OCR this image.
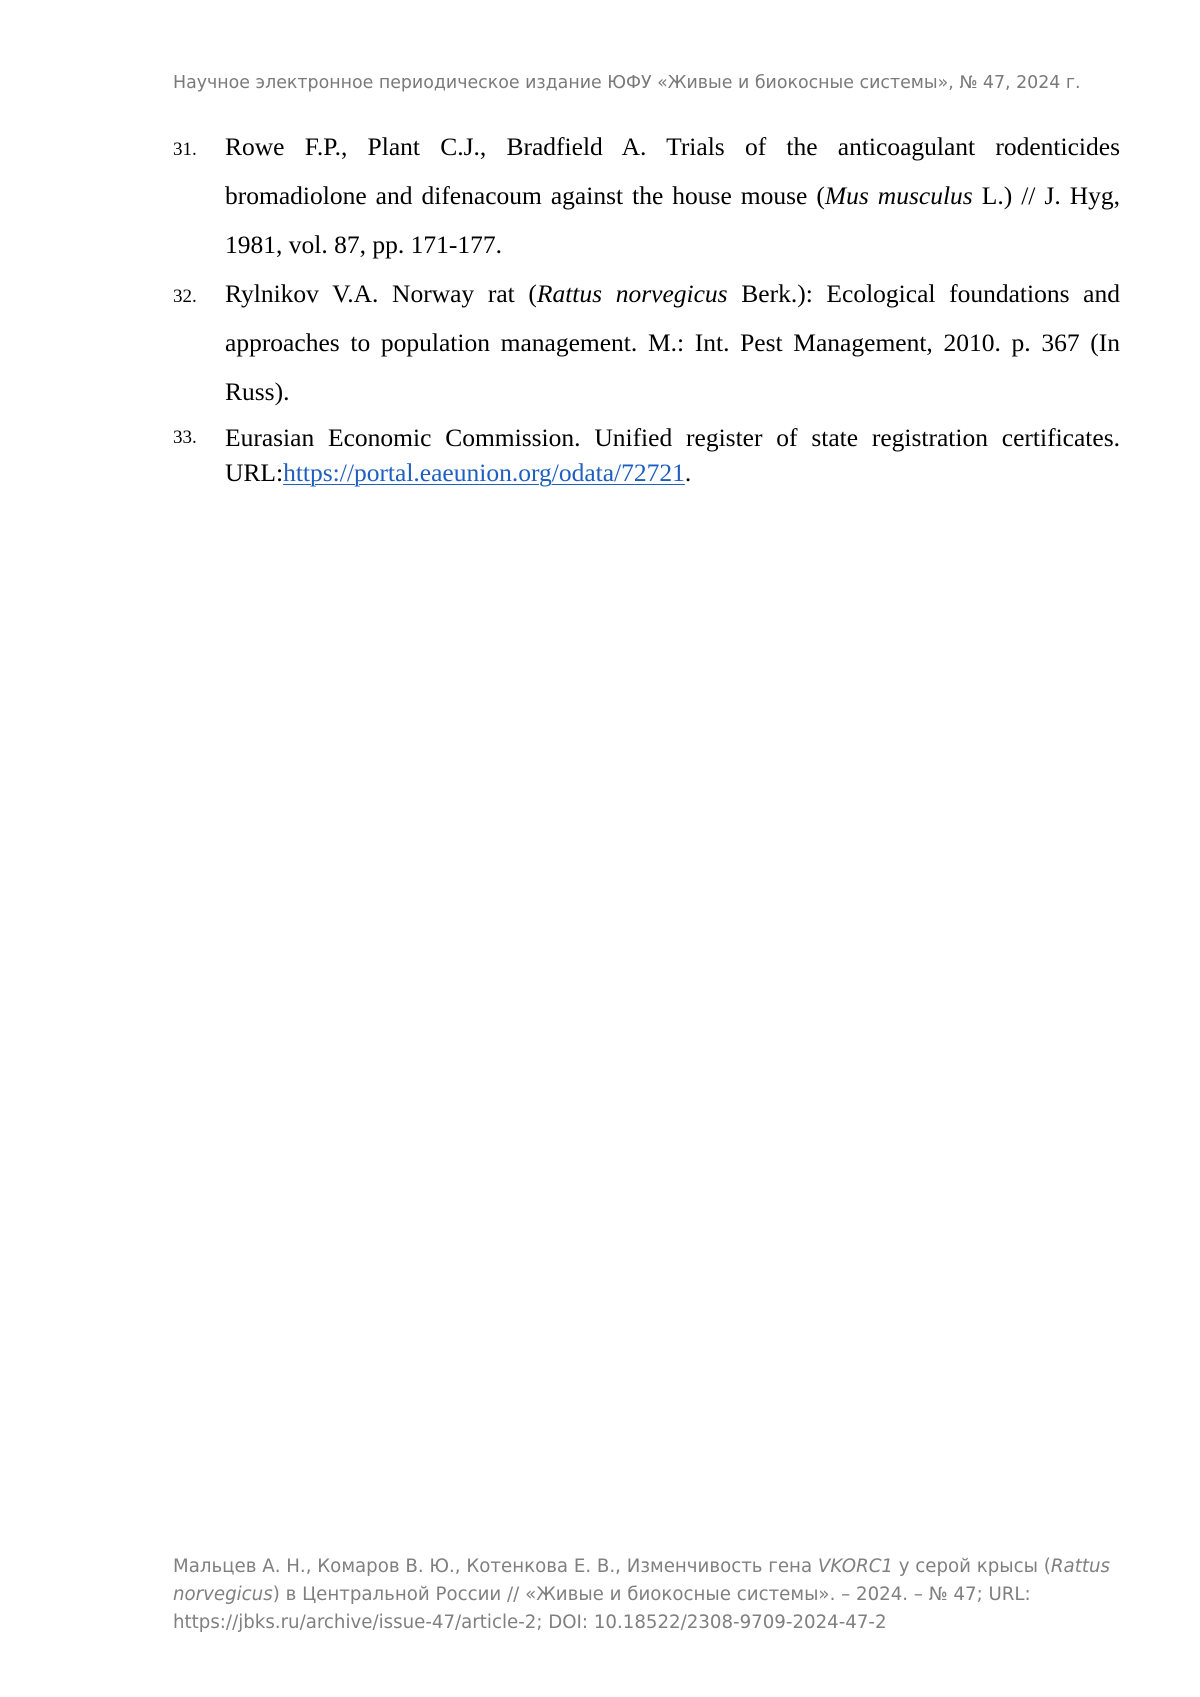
Научное электронное периодическое издание ЮФУ «Живые и биокосные системы», № 47, 2024 г.
31. Rowe F.P., Plant C.J., Bradfield A. Trials of the anticoagulant rodenticides bromadiolone and difenacoum against the house mouse (Mus musculus L.) // J. Hyg, 1981, vol. 87, pp. 171-177.
32. Rylnikov V.A. Norway rat (Rattus norvegicus Berk.): Ecological foundations and approaches to population management. M.: Int. Pest Management, 2010. p. 367 (In Russ).
33. Eurasian Economic Commission. Unified register of state registration certificates. URL:https://portal.eaeunion.org/odata/72721.
Мальцев А. Н., Комаров В. Ю., Котенкова Е. В., Изменчивость гена VKORC1 у серой крысы (Rattus norvegicus) в Центральной России // «Живые и биокосные системы». – 2024. – № 47; URL: https://jbks.ru/archive/issue-47/article-2; DOI: 10.18522/2308-9709-2024-47-2
